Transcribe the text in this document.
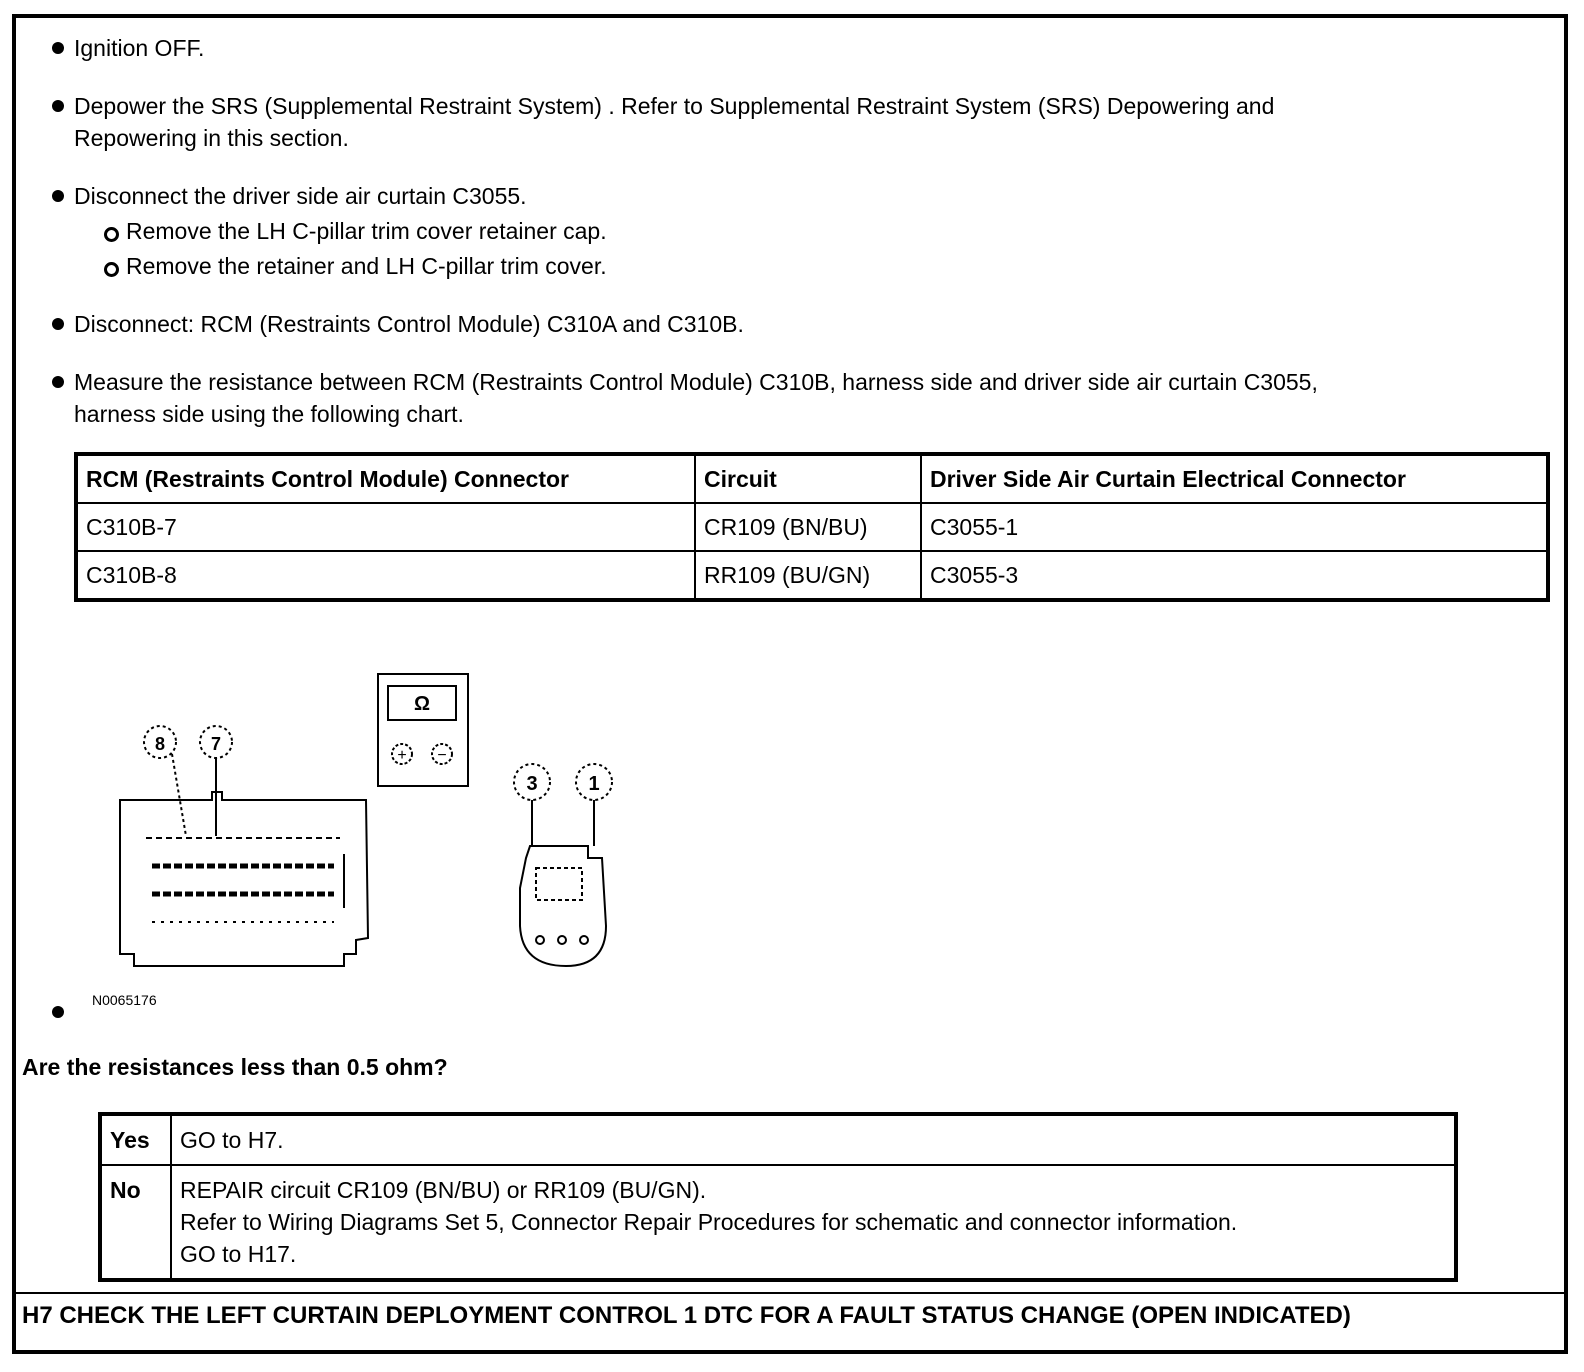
Ignition OFF.
Depower the SRS (Supplemental Restraint System) . Refer to Supplemental Restraint System (SRS) Depowering and
Repowering in this section.
Disconnect the driver side air curtain C3055.
Remove the LH C-pillar trim cover retainer cap.
Remove the retainer and LH C-pillar trim cover.
Disconnect: RCM (Restraints Control Module) C310A and C310B.
Measure the resistance between RCM (Restraints Control Module) C310B, harness side and driver side air curtain C3055,
harness side using the following chart.
RCM (Restraints Control Module) Connector	Circuit	Driver Side Air Curtain Electrical Connector
C310B-7	CR109 (BN/BU)	C3055-1
C310B-8	RR109 (BU/GN)	C3055-3
8	7
Ω
+ −
3	1
N0065176
Are the resistances less than 0.5 ohm?
Yes	GO to H7.

No	REPAIR circuit CR109 (BN/BU) or RR109 (BU/GN).
Refer to Wiring Diagrams Set 5, Connector Repair Procedures for schematic and connector information.
GO to H17.
H7 CHECK THE LEFT CURTAIN DEPLOYMENT CONTROL 1 DTC FOR A FAULT STATUS CHANGE (OPEN INDICATED)
